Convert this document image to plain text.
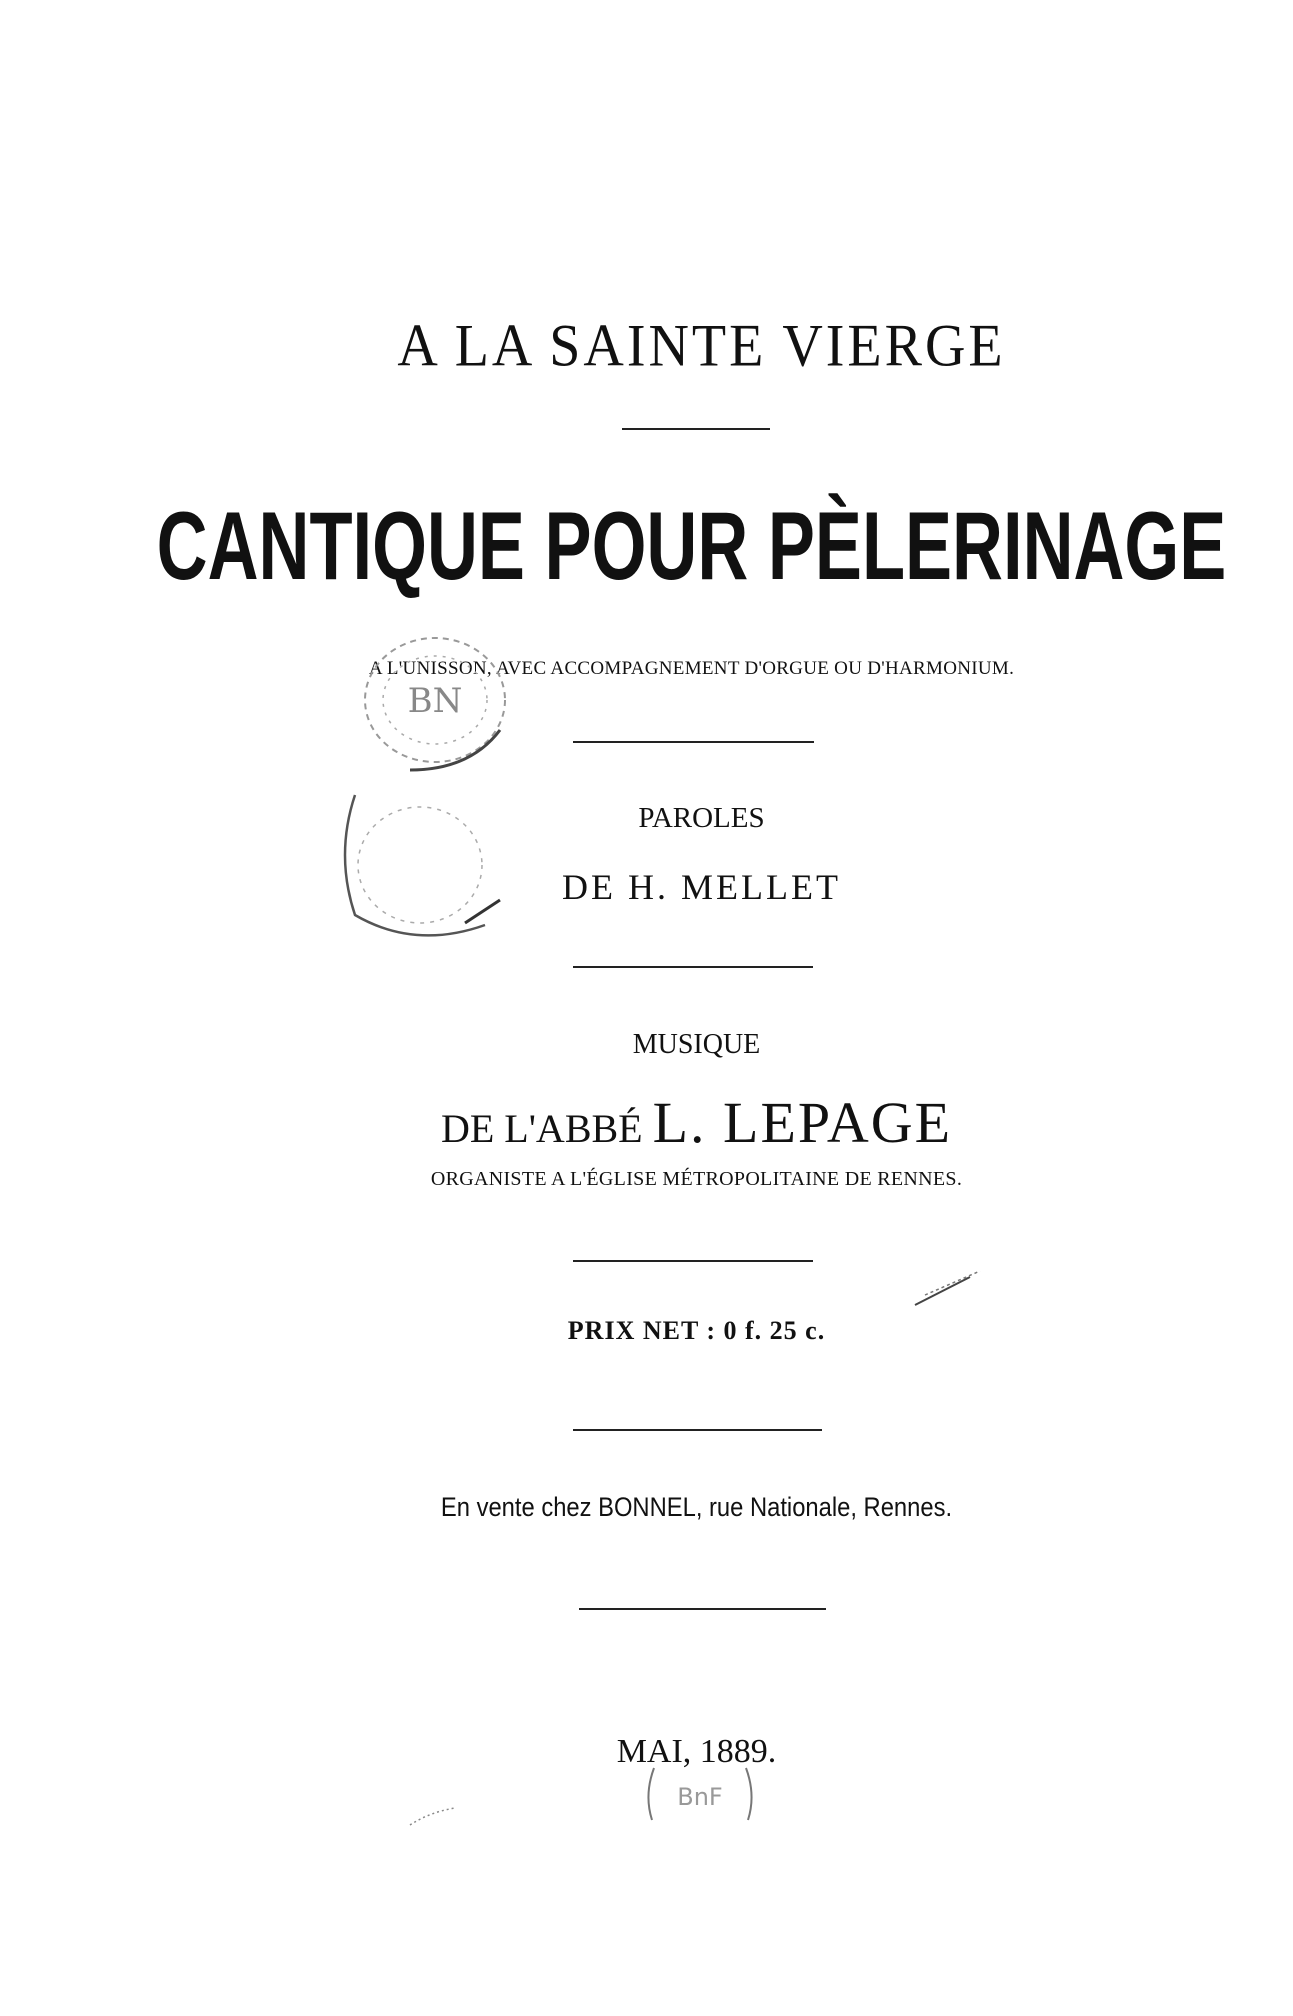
A LA SAINTE VIERGE
CANTIQUE POUR PÈLERINAGE
A L'UNISSON, AVEC ACCOMPAGNEMENT D'ORGUE OU D'HARMONIUM.
PAROLES
DE H. MELLET
MUSIQUE
DE L'ABBÉ L. LEPAGE
ORGANISTE A L'ÉGLISE MÉTROPOLITAINE DE RENNES.
PRIX NET : 0 f. 25 c.
En vente chez BONNEL, rue Nationale, Rennes.
MAI, 1889.
BN
BnF
